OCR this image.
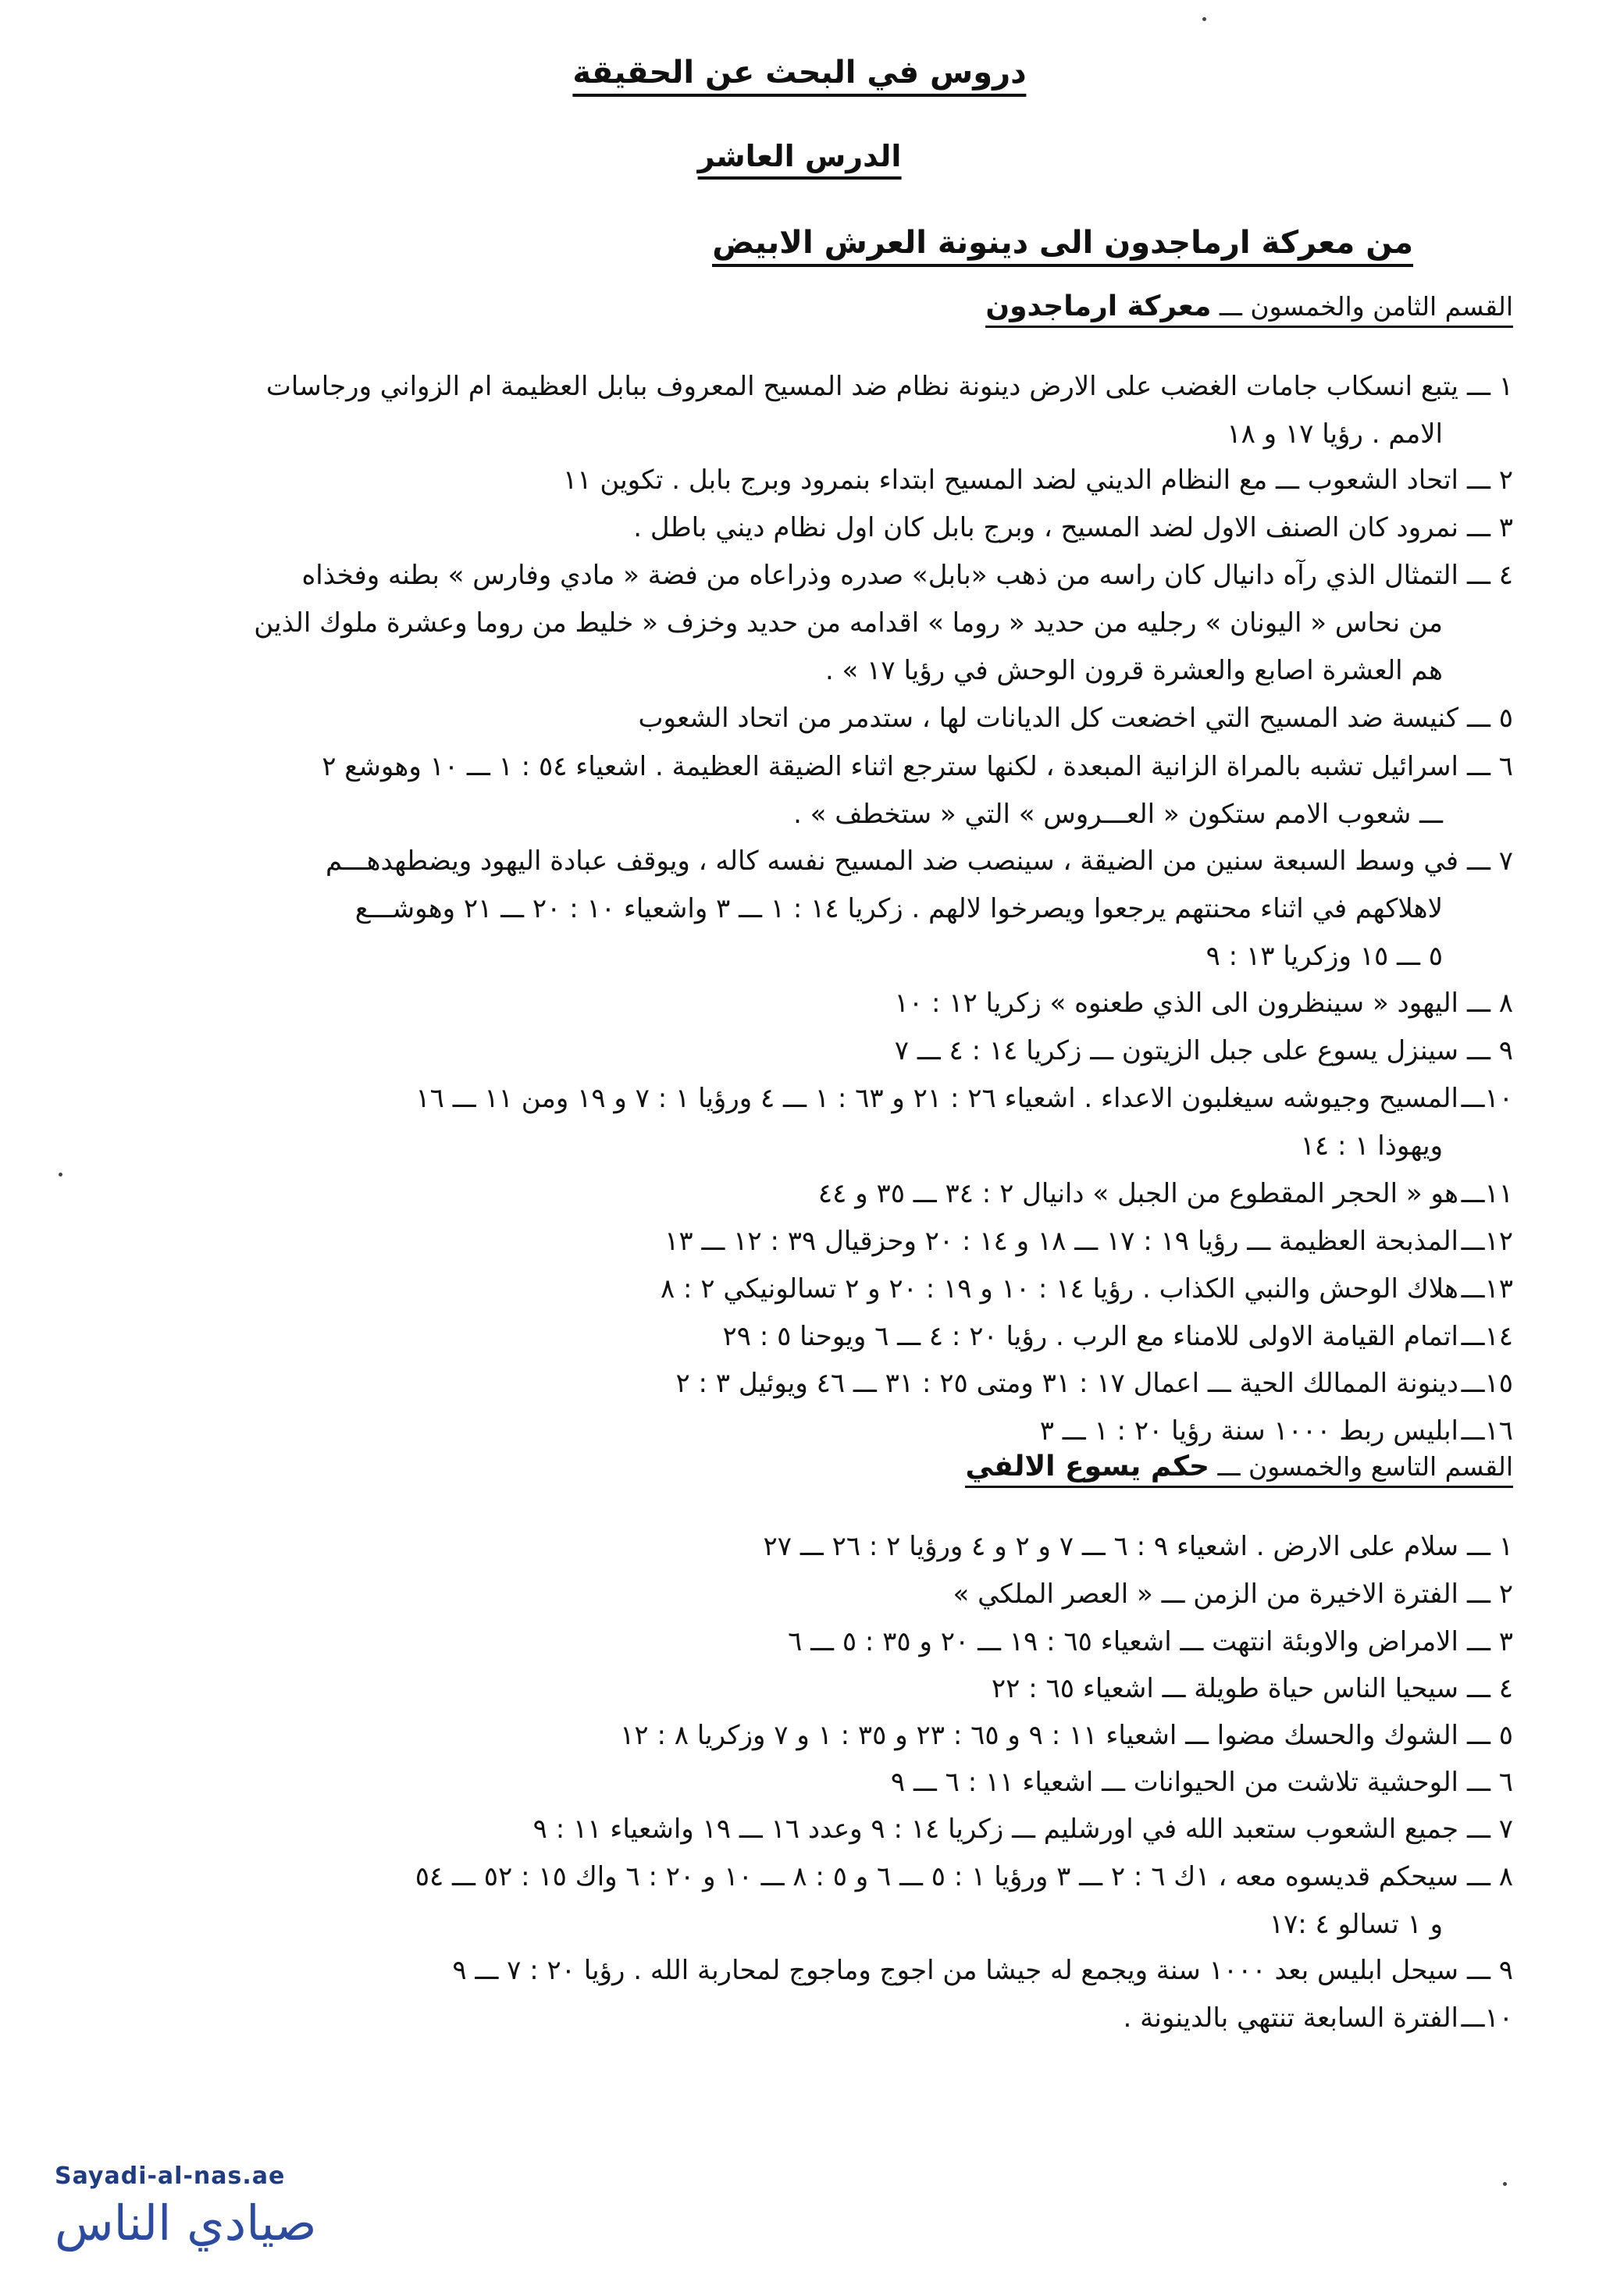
دروس في البحث عن الحقيقة
الدرس العاشر
من معركة ارماجدون الى دينونة العرش الابيض
القسم الثامن والخمسون ـــ معركة ارماجدون
١ ـــيتبع انسكاب جامات الغضب على الارض دينونة نظام ضد المسيح المعروف ببابل العظيمة ام الزواني ورجاسات
الامم . رؤيا ١٧ و ١٨
٢ ـــاتحاد الشعوب ـــ مع النظام الديني لضد المسيح ابتداء بنمرود وبرج بابل . تكوين ١١
٣ ـــنمرود كان الصنف الاول لضد المسيح ، وبرج بابل كان اول نظام ديني باطل .
٤ ـــالتمثال الذي رآه دانيال كان راسه من ذهب «بابل» صدره وذراعاه من فضة « مادي وفارس » بطنه وفخذاه
من نحاس « اليونان » رجليه من حديد « روما » اقدامه من حديد وخزف « خليط من روما وعشرة ملوك الذين
هم العشرة اصابع والعشرة قرون الوحش في رؤيا ١٧ » .
٥ ـــكنيسة ضد المسيح التي اخضعت كل الديانات لها ، ستدمر من اتحاد الشعوب
٦ ـــاسرائيل تشبه بالمراة الزانية المبعدة ، لكنها سترجع اثناء الضيقة العظيمة . اشعياء ٥٤ : ١ ـــ ١٠ وهوشع ٢
ـــ شعوب الامم ستكون « العـــروس » التي « ستخطف » .
٧ ـــفي وسط السبعة سنين من الضيقة ، سينصب ضد المسيح نفسه كاله ، ويوقف عبادة اليهود ويضطهدهـــم
لاهلاكهم في اثناء محنتهم يرجعوا ويصرخوا لالهم . زكريا ١٤ : ١ ـــ ٣ واشعياء ١٠ : ٢٠ ـــ ٢١ وهوشـــع
٥ ـــ ١٥ وزكريا ١٣ : ٩
٨ ـــاليهود « سينظرون الى الذي طعنوه » زكريا ١٢ : ١٠
٩ ـــسينزل يسوع على جبل الزيتون ـــ زكريا ١٤ : ٤ ـــ ٧
١٠ـــالمسيح وجيوشه سيغلبون الاعداء . اشعياء ٢٦ : ٢١ و ٦٣ : ١ ـــ ٤ ورؤيا ١ : ٧ و ١٩ ومن ١١ ـــ ١٦
ويهوذا ١ : ١٤
١١ـــهو « الحجر المقطوع من الجبل » دانيال ٢ : ٣٤ ـــ ٣٥ و ٤٤
١٢ـــالمذبحة العظيمة ـــ رؤيا ١٩ : ١٧ ـــ ١٨ و ١٤ : ٢٠ وحزقيال ٣٩ : ١٢ ـــ ١٣
١٣ـــهلاك الوحش والنبي الكذاب . رؤيا ١٤ : ١٠ و ١٩ : ٢٠ و ٢ تسالونيكي ٢ : ٨
١٤ـــاتمام القيامة الاولى للامناء مع الرب . رؤيا ٢٠ : ٤ ـــ ٦ ويوحنا ٥ : ٢٩
١٥ـــدينونة الممالك الحية ـــ اعمال ١٧ : ٣١ ومتى ٢٥ : ٣١ ـــ ٤٦ ويوئيل ٣ : ٢
١٦ـــابليس ربط ١٠٠٠ سنة رؤيا ٢٠ : ١ ـــ ٣
القسم التاسع والخمسون ـــ حكم يسوع الالفي
١ ـــسلام على الارض . اشعياء ٩ : ٦ ـــ ٧ و ٢ و ٤ ورؤيا ٢ : ٢٦ ـــ ٢٧
٢ ـــالفترة الاخيرة من الزمن ـــ « العصر الملكي »
٣ ـــالامراض والاوبئة انتهت ـــ اشعياء ٦٥ : ١٩ ـــ ٢٠ و ٣٥ : ٥ ـــ ٦
٤ ـــسيحيا الناس حياة طويلة ـــ اشعياء ٦٥ : ٢٢
٥ ـــالشوك والحسك مضوا ـــ اشعياء ١١ : ٩ و ٦٥ : ٢٣ و ٣٥ : ١ و ٧ وزكريا ٨ : ١٢
٦ ـــالوحشية تلاشت من الحيوانات ـــ اشعياء ١١ : ٦ ـــ ٩
٧ ـــجميع الشعوب ستعبد الله في اورشليم ـــ زكريا ١٤ : ٩ وعدد ١٦ ـــ ١٩ واشعياء ١١ : ٩
٨ ـــسيحكم قديسوه معه ، ١ك ٦ : ٢ ـــ ٣ ورؤيا ١ : ٥ ـــ ٦ و ٥ : ٨ ـــ ١٠ و ٢٠ : ٦ واك ١٥ : ٥٢ ـــ ٥٤
و ١ تسالو ٤ :١٧
٩ ـــسيحل ابليس بعد ١٠٠٠ سنة ويجمع له جيشا من اجوج وماجوج لمحاربة الله . رؤيا ٢٠ : ٧ ـــ ٩
١٠ـــالفترة السابعة تنتهي بالدينونة .
Sayadi-al-nas.ae
صيادي الناس
